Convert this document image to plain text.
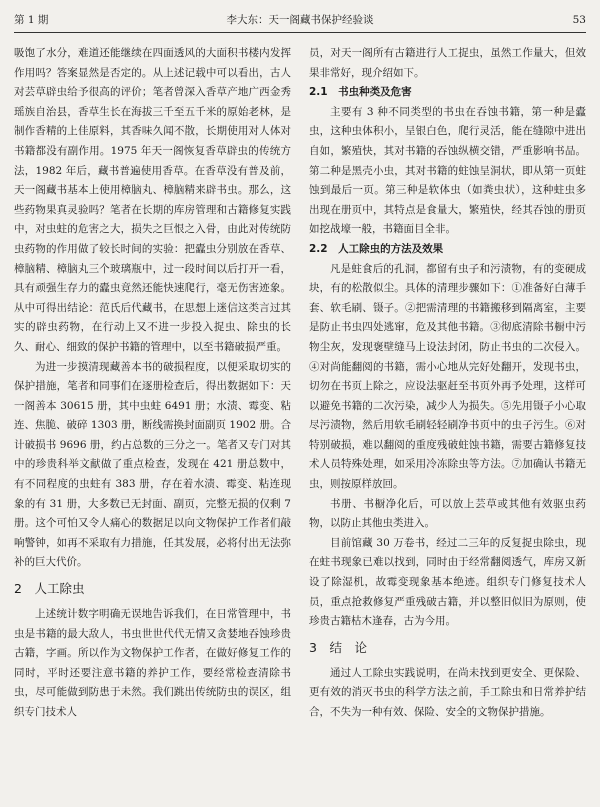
第 1 期	李大东：天一阁藏书保护经验谈	53

吸饱了水分，难道还能继续在四面透风的大面积书楼内发挥作用吗？答案显然是否定的。从上述记载中可以看出，古人对芸草辟虫给予很高的评价；笔者曾深入香草产地广西金秀瑶族自治县，香草生长在海拔三千至五千米的原始老林，是制作香精的上佳原料，其香味久闻不散，长期使用对人体对书籍都没有副作用。1975 年天一阁恢复香草辟虫的传统方法，1982 年后，藏书普遍使用香草。在香草没有普及前，天一阁藏书基本上使用樟脑丸、樟脑精来辟书虫。那么，这些药物果真灵验吗？笔者在长期的库房管理和古籍修复实践中，对虫蛀的危害之大，损失之巨恨之入骨，由此对传统防虫药物的作用做了较长时间的实验：把蠹虫分别放在香草、樟脑精、樟脑丸三个玻璃瓶中，过一段时间以后打开一看，具有顽强生存力的蠹虫竟然还能快速爬行，毫无伤害迹象。从中可得出结论：范氏后代藏书，在思想上迷信这类言过其实的辟虫药物，在行动上又不进一步投入捉虫、除虫的长久、耐心、细致的保护书籍的管理中，以至书籍破损严重。

为进一步摸清现藏善本书的破损程度，以便采取切实的保护措施，笔者和同事们在逐册检查后，得出数据如下：天一阁善本 30615 册，其中虫蛀 6491 册；水渍、霉变、粘连、焦脆、破碎 1303 册，断线需换封面副页 1902 册。合计破损书 9696 册，约占总数的三分之一。笔者又专门对其中的珍贵科举文献做了重点检查，发现在 421 册总数中，有不同程度的虫蛀有 383 册，存在着水渍、霉变、粘连现象的有 31 册，大多数已无封面、副页，完整无损的仅剩 7 册。这个可怕又令人痛心的数据足以向文物保护工作者们敲响警钟，如再不采取有力措施，任其发展，必将付出无法弥补的巨大代价。

2　人工除虫

上述统计数字明确无误地告诉我们，在日常管理中，书虫是书籍的最大敌人，书虫世世代代无情又贪婪地吞蚀珍贵古籍，字画。所以作为文物保护工作者，在做好修复工作的同时，平时还要注意书籍的养护工作，要经常检查清除书虫，尽可能做到防患于未然。我们跳出传统防虫的误区，组织专门技术人

员，对天一阁所有古籍进行人工捉虫，虽然工作量大，但效果非常好，现介绍如下。

2.1　书虫种类及危害

主要有 3 种不同类型的书虫在吞蚀书籍，第一种是蠹虫，这种虫体积小，呈银白色，爬行灵活，能在缝隙中进出自如，繁殖快，其对书籍的吞蚀纵横交错，严重影响书品。第二种是黑壳小虫，其对书籍的蛀蚀呈洞状，即从第一页蛀蚀到最后一页。第三种是软体虫（如粪虫状），这种蛀虫多出现在册页中，其特点是食量大，繁殖快，经其吞蚀的册页如挖战壕一般，书籍面目全非。

2.2　人工除虫的方法及效果

凡是蛀食后的孔洞，都留有虫子和污渍物，有的变硬成块，有的松散似尘。具体的清理步骤如下：①准备好白薄手套、软毛刷、镊子。②把需清理的书籍搬移到隔离室，主要是防止书虫四处逃窜，危及其他书籍。③彻底清除书橱中污物尘灰，发现褒壁缝马上设法封闭，防止书虫的二次侵入。④对尚能翻阅的书籍，需小心地从完好处翻开，发现书虫，切勿在书页上除之，应设法驱赶至书页外再予处理，这样可以避免书籍的二次污染，减少人为损失。⑤先用镊子小心取尽污渍物，然后用软毛刷轻轻刷净书页中的虫子污生。⑥对特别破损，难以翻阅的重度残破蛀蚀书籍，需要古籍修复技术人员特殊处理，如采用冷冻除虫等方法。⑦加确认书籍无虫，则按原样放回。

书册、书橱净化后，可以放上芸草或其他有效驱虫药物，以防止其他虫类进入。

目前馆藏 30 万卷书，经过二三年的反复捉虫除虫，现在蛀书现象已难以找到，同时由于经常翻阅透气，库房又新设了除湿机，故霉变现象基本绝迹。组织专门修复技术人员，重点抢救修复严重残破古籍，并以整旧似旧为原则，使珍贵古籍枯木逢春，古为今用。

3　结　论

通过人工除虫实践说明，在尚未找到更安全、更保险、更有效的消灭书虫的科学方法之前，手工除虫和日常养护结合，不失为一种有效、保险、安全的文物保护措施。
